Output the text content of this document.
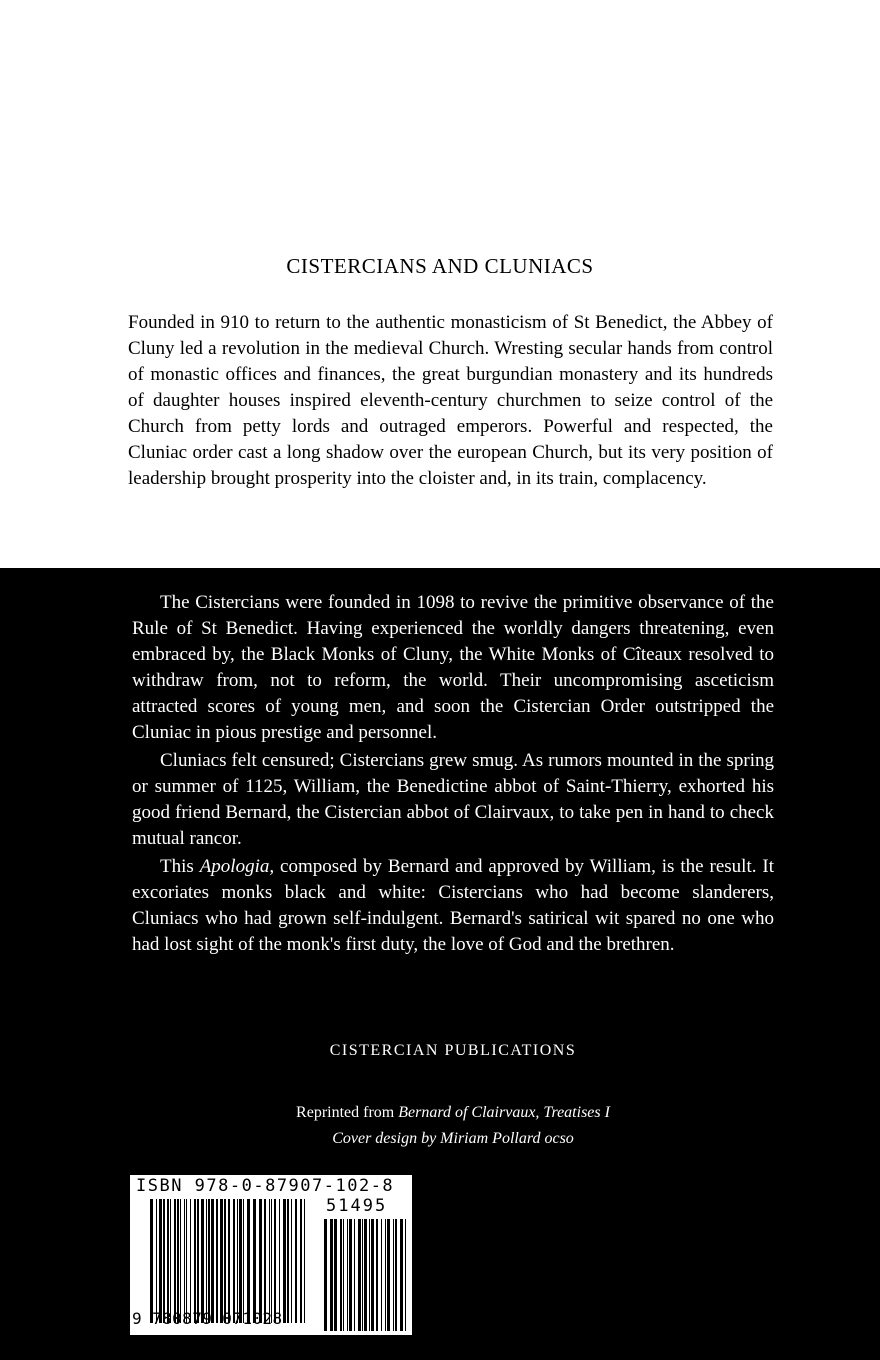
CISTERCIANS AND CLUNIACS

Founded in 910 to return to the authentic monasticism of St Benedict, the Abbey of Cluny led a revolution in the medieval Church. Wresting secular hands from control of monastic offices and finances, the great burgundian monastery and its hundreds of daughter houses inspired eleventh-century churchmen to seize control of the Church from petty lords and outraged emperors. Powerful and respected, the Cluniac order cast a long shadow over the european Church, but its very position of leadership brought prosperity into the cloister and, in its train, complacency.

The Cistercians were founded in 1098 to revive the primitive observance of the Rule of St Benedict. Having experienced the worldly dangers threatening, even embraced by, the Black Monks of Cluny, the White Monks of Cîteaux resolved to withdraw from, not to reform, the world. Their uncompromising asceticism attracted scores of young men, and soon the Cistercian Order outstripped the Cluniac in pious prestige and personnel.

Cluniacs felt censured; Cistercians grew smug. As rumors mounted in the spring or summer of 1125, William, the Benedictine abbot of Saint-Thierry, exhorted his good friend Bernard, the Cistercian abbot of Clairvaux, to take pen in hand to check mutual rancor.

This Apologia, composed by Bernard and approved by William, is the result. It excoriates monks black and white: Cistercians who had become slanderers, Cluniacs who had grown self-indulgent. Bernard's satirical wit spared no one who had lost sight of the monk's first duty, the love of God and the brethren.

CISTERCIAN PUBLICATIONS
Reprinted from Bernard of Clairvaux, Treatises I
Cover design by Miriam Pollard ocso
ISBN 978-0-87907-102-8
51495
9 780879 071028
